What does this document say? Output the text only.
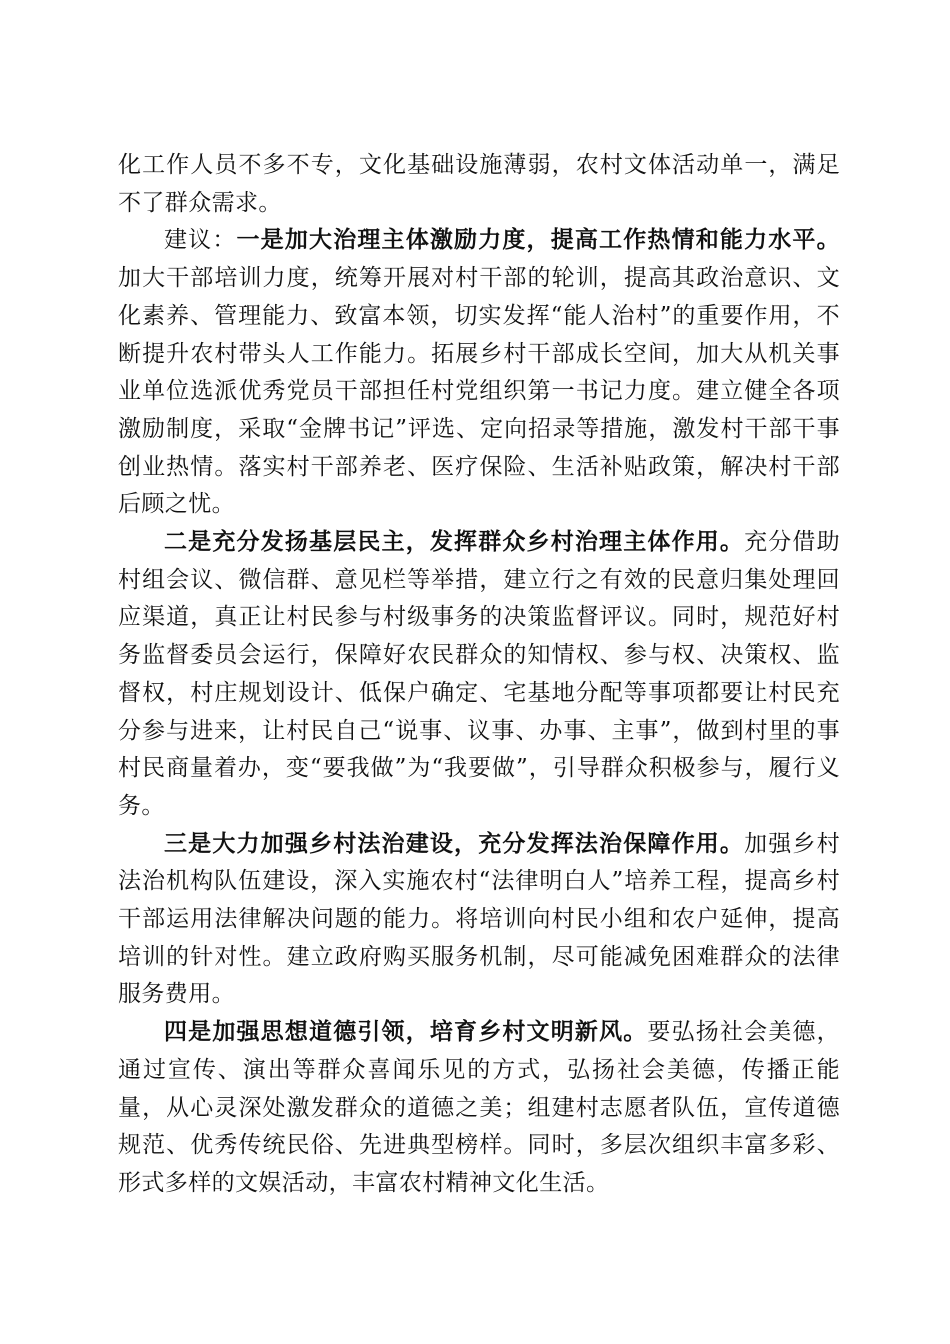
化工作人员不多不专，文化基础设施薄弱，农村文体活动单一，满足不了群众需求。

建议：一是加大治理主体激励力度，提高工作热情和能力水平。加大干部培训力度，统筹开展对村干部的轮训，提高其政治意识、文化素养、管理能力、致富本领，切实发挥“能人治村”的重要作用，不断提升农村带头人工作能力。拓展乡村干部成长空间，加大从机关事业单位选派优秀党员干部担任村党组织第一书记力度。建立健全各项激励制度，采取“金牌书记”评选、定向招录等措施，激发村干部干事创业热情。落实村干部养老、医疗保险、生活补贴政策，解决村干部后顾之忧。

二是充分发扬基层民主，发挥群众乡村治理主体作用。充分借助村组会议、微信群、意见栏等举措，建立行之有效的民意归集处理回应渠道，真正让村民参与村级事务的决策监督评议。同时，规范好村务监督委员会运行，保障好农民群众的知情权、参与权、决策权、监督权，村庄规划设计、低保户确定、宅基地分配等事项都要让村民充分参与进来，让村民自己“说事、议事、办事、主事”，做到村里的事村民商量着办，变“要我做”为“我要做”，引导群众积极参与，履行义务。

三是大力加强乡村法治建设，充分发挥法治保障作用。加强乡村法治机构队伍建设，深入实施农村“法律明白人”培养工程，提高乡村干部运用法律解决问题的能力。将培训向村民小组和农户延伸，提高培训的针对性。建立政府购买服务机制，尽可能减免困难群众的法律服务费用。

四是加强思想道德引领，培育乡村文明新风。要弘扬社会美德，通过宣传、演出等群众喜闻乐见的方式，弘扬社会美德，传播正能量，从心灵深处激发群众的道德之美；组建村志愿者队伍，宣传道德规范、优秀传统民俗、先进典型榜样。同时，多层次组织丰富多彩、形式多样的文娱活动，丰富农村精神文化生活。
